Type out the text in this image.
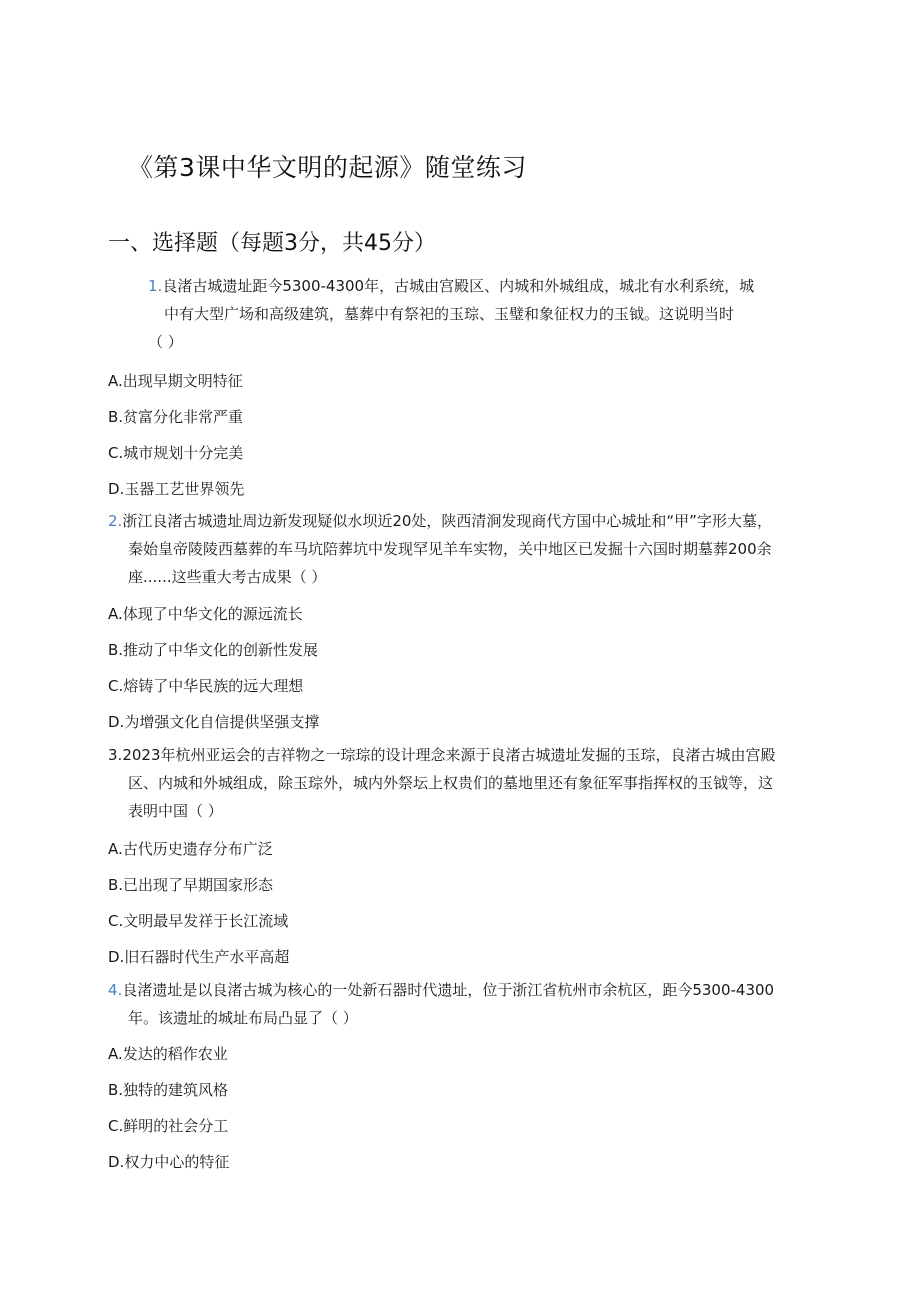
《第3课中华文明的起源》随堂练习
一、选择题（每题3分，共45分）
1.良渚古城遗址距今5300-4300年，古城由宫殿区、内城和外城组成，城北有水利系统，城
中有大型广场和高级建筑，墓葬中有祭祀的玉琮、玉璧和象征权力的玉钺。这说明当时
（ ）
A.出现早期文明特征
B.贫富分化非常严重
C.城市规划十分完美
D.玉器工艺世界领先
2.浙江良渚古城遗址周边新发现疑似水坝近20处，陕西清涧发现商代方国中心城址和“甲”字形大墓，
秦始皇帝陵陵西墓葬的车马坑陪葬坑中发现罕见羊车实物，关中地区已发掘十六国时期墓葬200余
座......这些重大考古成果（ ）
A.体现了中华文化的源远流长
B.推动了中华文化的创新性发展
C.熔铸了中华民族的远大理想
D.为增强文化自信提供坚强支撑
3.2023年杭州亚运会的吉祥物之一琮琮的设计理念来源于良渚古城遗址发掘的玉琮，良渚古城由宫殿
区、内城和外城组成，除玉琮外，城内外祭坛上权贵们的墓地里还有象征军事指挥权的玉钺等，这
表明中国（ ）
A.古代历史遗存分布广泛
B.已出现了早期国家形态
C.文明最早发祥于长江流域
D.旧石器时代生产水平高超
4.良渚遗址是以良渚古城为核心的一处新石器时代遗址，位于浙江省杭州市余杭区，距今5300-4300
年。该遗址的城址布局凸显了（ ）
A.发达的稻作农业
B.独特的建筑风格
C.鲜明的社会分工
D.权力中心的特征
